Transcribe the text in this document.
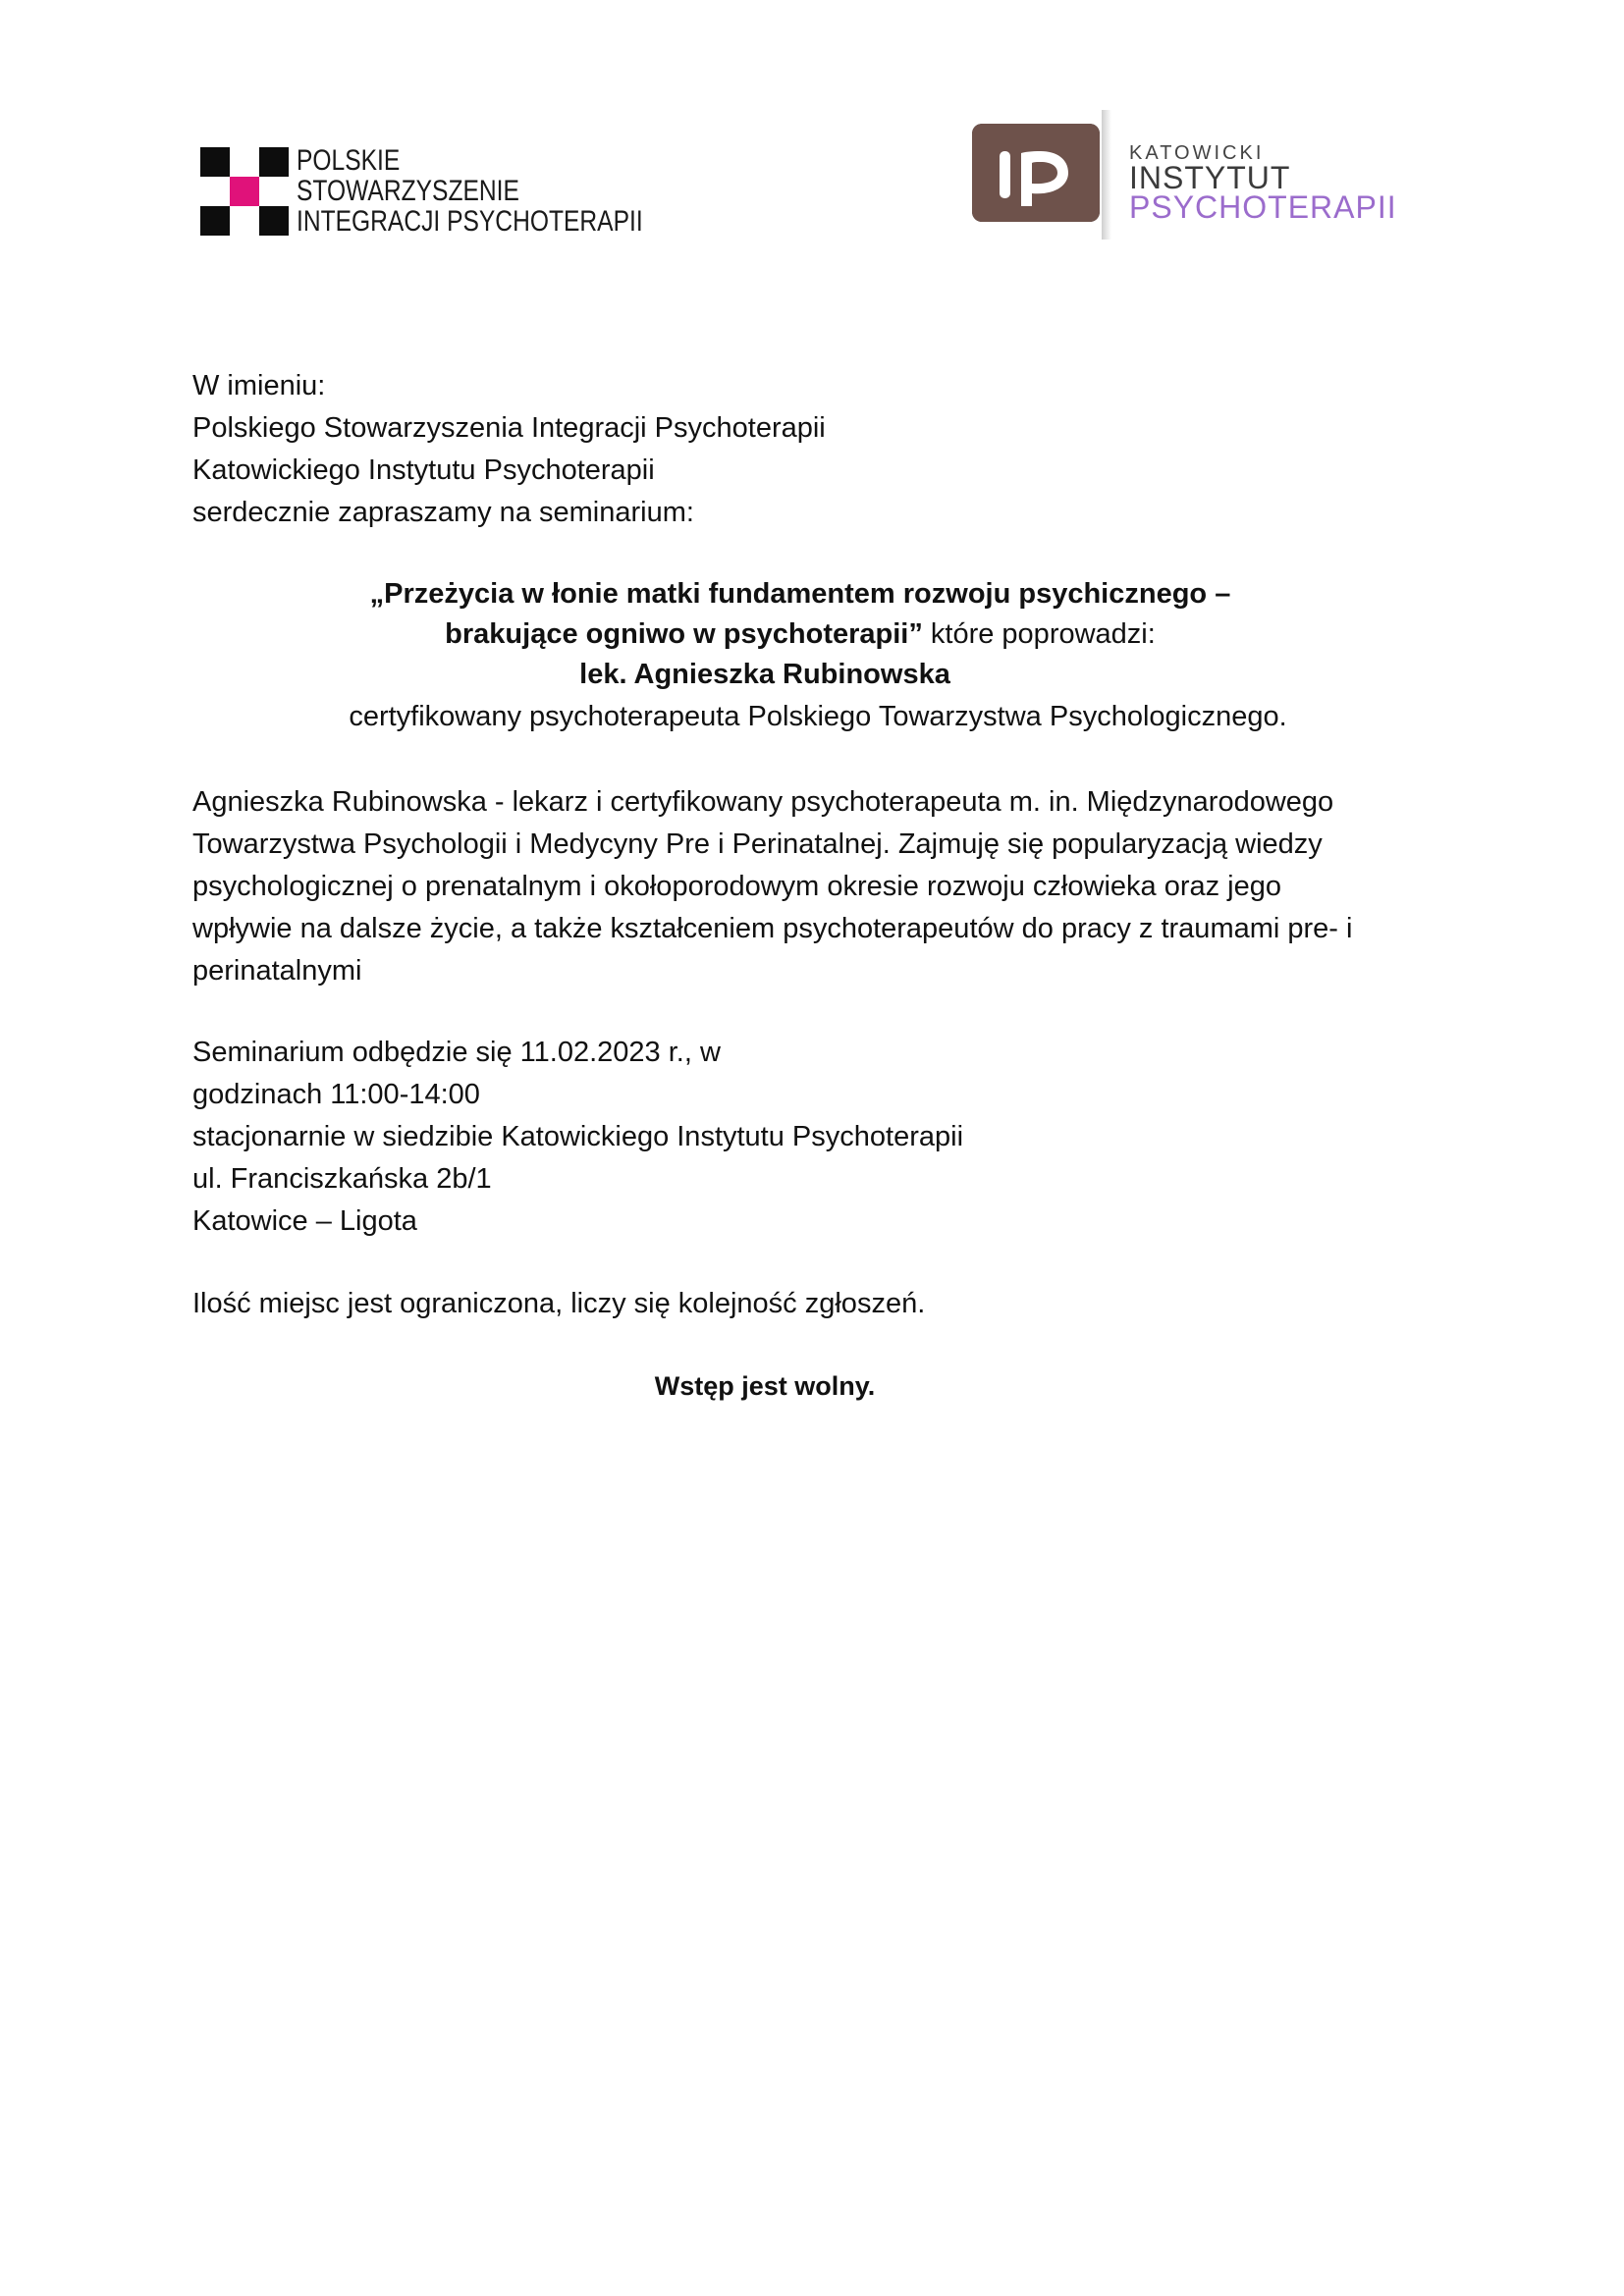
POLSKIE
STOWARZYSZENIE
INTEGRACJI PSYCHOTERAPII
KATOWICKI
INSTYTUT
PSYCHOTERAPII
W imieniu:
Polskiego Stowarzyszenia Integracji Psychoterapii
Katowickiego Instytutu Psychoterapii
serdecznie zapraszamy na seminarium:
„Przeżycia w łonie matki fundamentem rozwoju psychicznego –
brakujące ogniwo w psychoterapii” które poprowadzi:
lek. Agnieszka Rubinowska
certyfikowany psychoterapeuta Polskiego Towarzystwa Psychologicznego.
Agnieszka Rubinowska - lekarz i certyfikowany psychoterapeuta m. in. Międzynarodowego
Towarzystwa Psychologii i Medycyny Pre i Perinatalnej. Zajmuję się popularyzacją wiedzy
psychologicznej o prenatalnym i okołoporodowym okresie rozwoju człowieka oraz jego
wpływie na dalsze życie, a także kształceniem psychoterapeutów do pracy z traumami pre- i
perinatalnymi
Seminarium odbędzie się 11.02.2023 r., w
godzinach 11:00-14:00
stacjonarnie w siedzibie Katowickiego Instytutu Psychoterapii
ul. Franciszkańska 2b/1
Katowice – Ligota
Ilość miejsc jest ograniczona, liczy się kolejność zgłoszeń.
Wstęp jest wolny.
